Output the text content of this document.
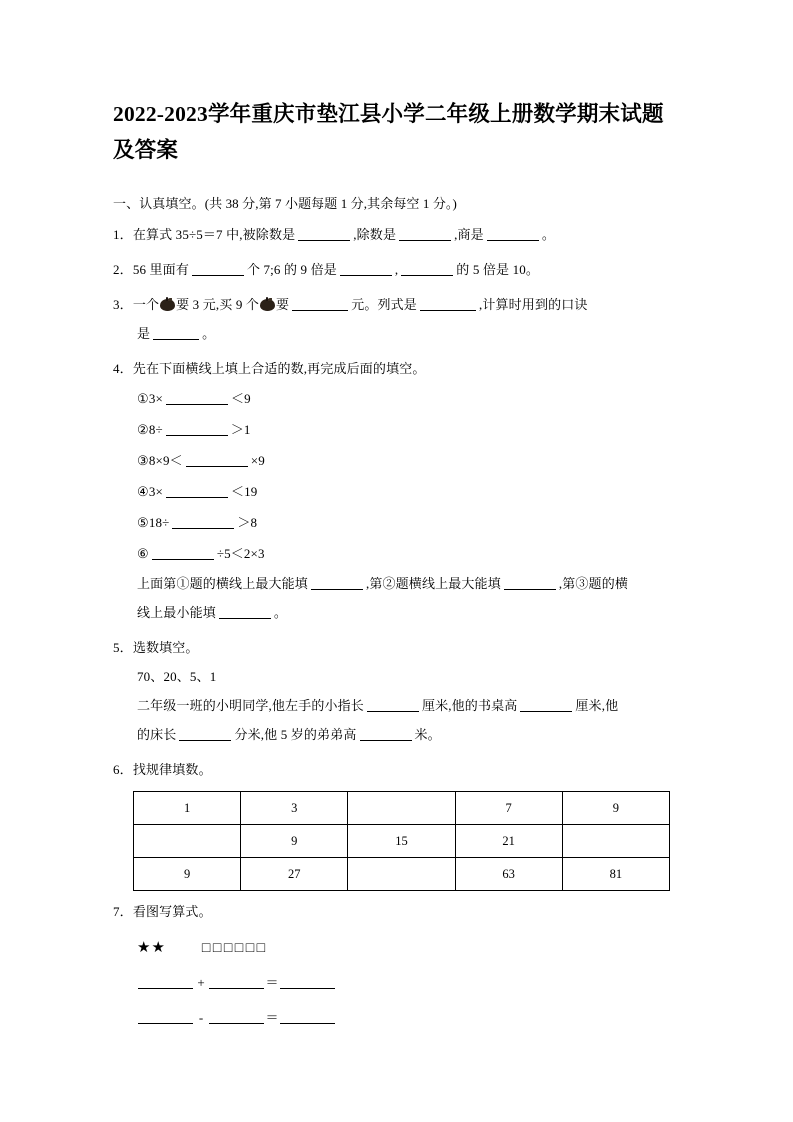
2022-2023学年重庆市垫江县小学二年级上册数学期末试题及答案
一、认真填空。(共 38 分,第 7 小题每题 1 分,其余每空 1 分。)
1．在算式 35÷5＝7 中,被除数是	,除数是	,商是	。
2．56 里面有	个 7;6 的 9 倍是	,	的 5 倍是 10。
3．一个 要 3 元,买 9 个 要	元。列式是	,计算时用到的口诀
是	。
4．先在下面横线上填上合适的数,再完成后面的填空。
①3×	＜9
②8÷	＞1
③8×9＜	×9
④3×	＜19
⑤18÷	＞8
⑥	÷5＜2×3
上面第①题的横线上最大能填	,第②题横线上最大能填	,第③题的横
线上最小能填	。
5．选数填空。
70、20、5、1
二年级一班的小明同学,他左手的小指长	厘米,他的书桌高	厘米,他
的床长	分米,他 5 岁的弟弟高	米。
6．找规律填数。
1	3		7	9
	9	15	21	
9	27		63	81
7．看图写算式。
★★	□□□□□□
+	＝
-	＝
